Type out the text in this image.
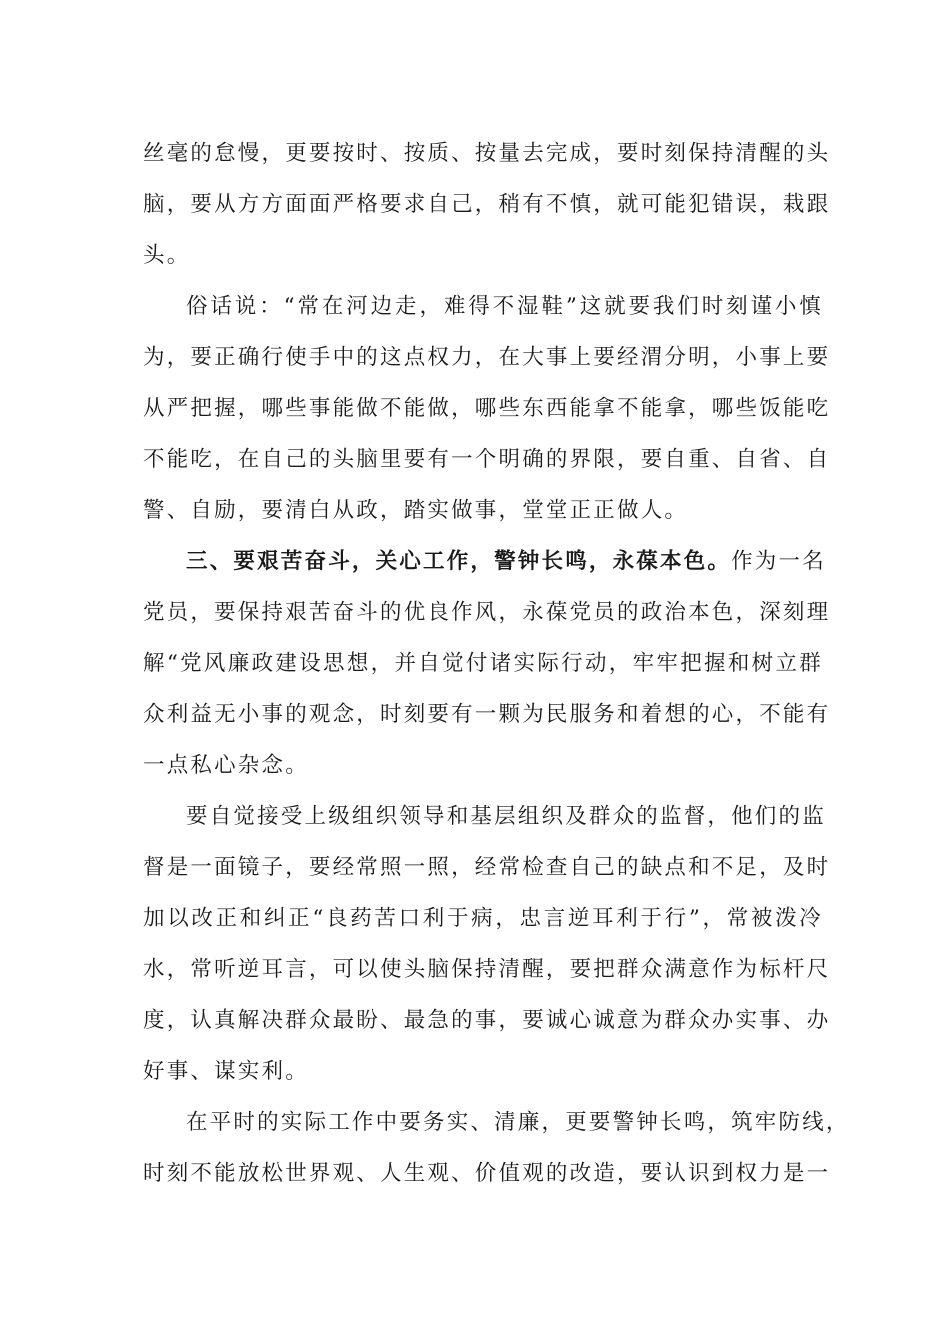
丝毫的怠慢，更要按时、按质、按量去完成，要时刻保持清醒的头
脑，要从方方面面严格要求自己，稍有不慎，就可能犯错误，栽跟
头。
俗话说：“常在河边走，难得不湿鞋”这就要我们时刻谨小慎
为，要正确行使手中的这点权力，在大事上要经渭分明，小事上要
从严把握，哪些事能做不能做，哪些东西能拿不能拿，哪些饭能吃
不能吃，在自己的头脑里要有一个明确的界限，要自重、自省、自
警、自励，要清白从政，踏实做事，堂堂正正做人。
三、要艰苦奋斗，关心工作，警钟长鸣，永葆本色。作为一名
党员，要保持艰苦奋斗的优良作风，永葆党员的政治本色，深刻理
解“党风廉政建设思想，并自觉付诸实际行动，牢牢把握和树立群
众利益无小事的观念，时刻要有一颗为民服务和着想的心，不能有
一点私心杂念。
要自觉接受上级组织领导和基层组织及群众的监督，他们的监
督是一面镜子，要经常照一照，经常检查自己的缺点和不足，及时
加以改正和纠正“良药苦口利于病，忠言逆耳利于行”，常被泼冷
水，常听逆耳言，可以使头脑保持清醒，要把群众满意作为标杆尺
度，认真解决群众最盼、最急的事，要诚心诚意为群众办实事、办
好事、谋实利。
在平时的实际工作中要务实、清廉，更要警钟长鸣，筑牢防线，
时刻不能放松世界观、人生观、价值观的改造，要认识到权力是一
